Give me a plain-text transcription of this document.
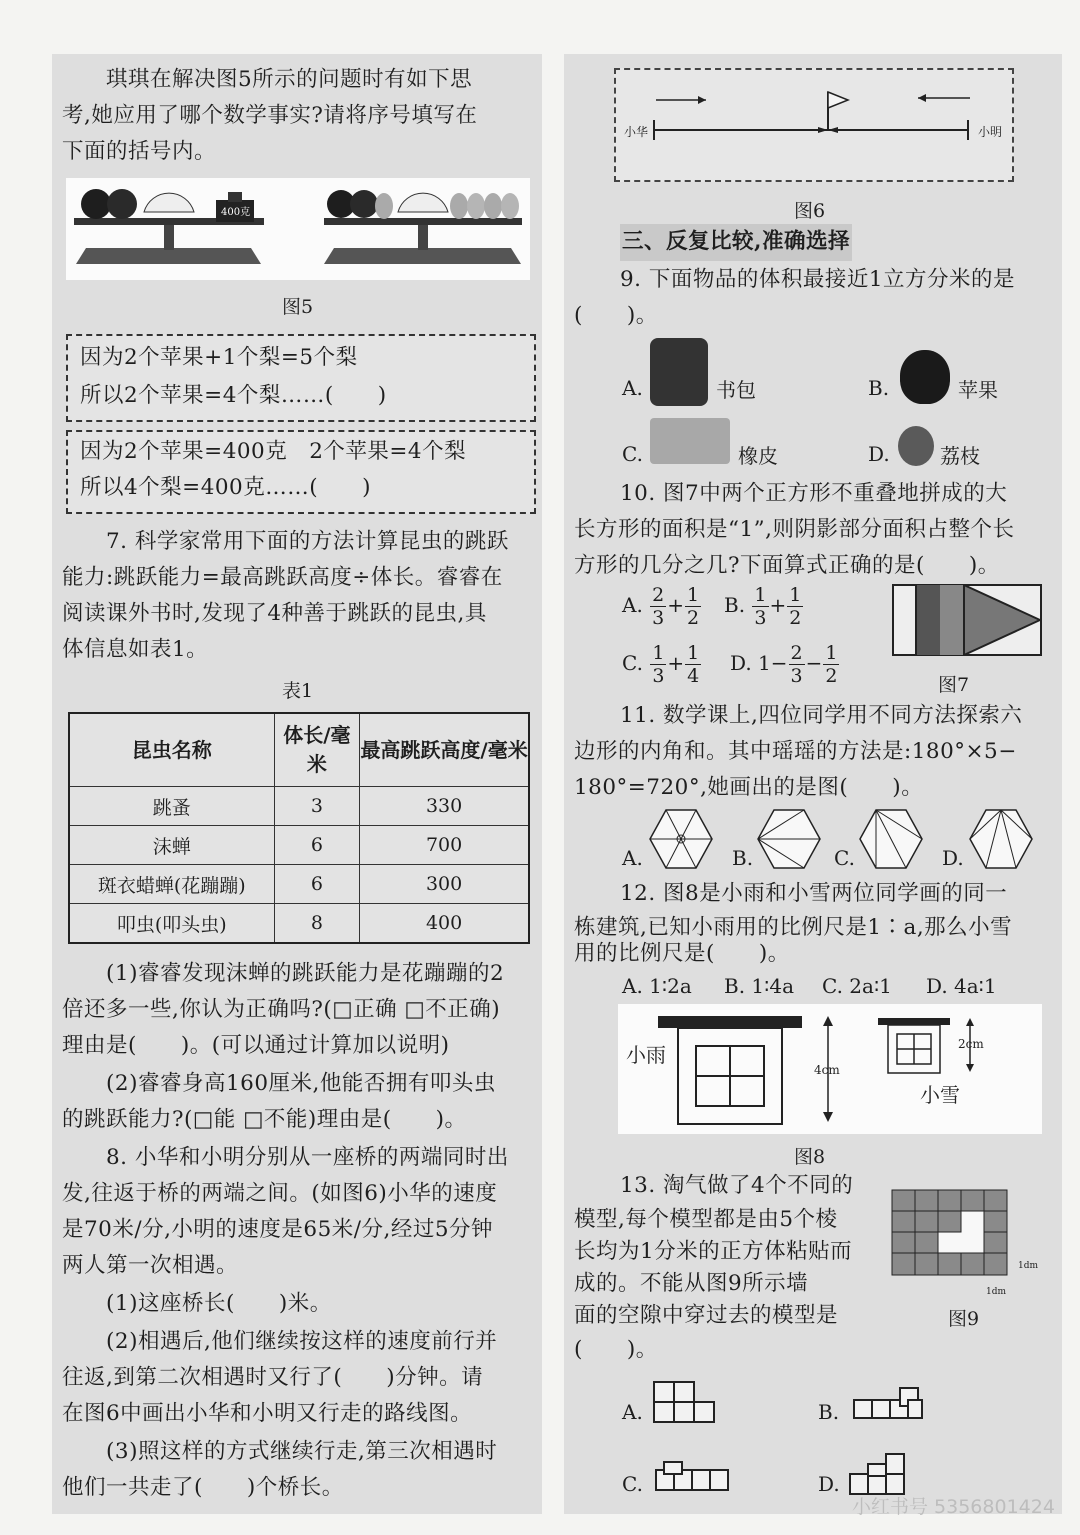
琪琪在解决图5所示的问题时有如下思
考,她应用了哪个数学事实?请将序号填写在
下面的括号内。
400克
图5
因为2个苹果+1个梨=5个梨
所以2个苹果=4个梨……(　　)
因为2个苹果=400克　2个苹果=4个梨
所以4个梨=400克……(　　)
7. 科学家常用下面的方法计算昆虫的跳跃
能力:跳跃能力=最高跳跃高度÷体长。睿睿在
阅读课外书时,发现了4种善于跳跃的昆虫,具
体信息如表1。
表1
昆虫名称	体长/毫米	最高跳跃高度/毫米
跳蚤	3	330
沫蝉	6	700
斑衣蜡蝉(花蹦蹦)	6	300
叩虫(叩头虫)	8	400
(1)睿睿发现沫蝉的跳跃能力是花蹦蹦的2
倍还多一些,你认为正确吗?(□正确 □不正确)
理由是(　　)。(可以通过计算加以说明)
(2)睿睿身高160厘米,他能否拥有叩头虫
的跳跃能力?(□能 □不能)理由是(　　)。
8. 小华和小明分别从一座桥的两端同时出
发,往返于桥的两端之间。(如图6)小华的速度
是70米/分,小明的速度是65米/分,经过5分钟
两人第一次相遇。
(1)这座桥长(　　)米。
(2)相遇后,他们继续按这样的速度前行并
往返,到第二次相遇时又行了(　　)分钟。请
在图6中画出小华和小明又行走的路线图。
(3)照这样的方式继续行走,第三次相遇时
他们一共走了(　　)个桥长。
小华	小明
图6
三、反复比较,准确选择
9. 下面物品的体积最接近1立方分米的是
(　　)。
A.	书包	B.	苹果
C.	橡皮	D.	荔枝
10. 图7中两个正方形不重叠地拼成的大
长方形的面积是“1”,则阴影部分面积占整个长
方形的几分之几?下面算式正确的是(　　)。
A. $\frac{2}{3} + \frac{1}{2} B$. $\frac{1}{3} + \frac{1}{2}$
C. $\frac{1}{3} + \frac{1}{4} D$. $1- \frac{2}{3} - \frac{1}{2}$	图7
11. 数学课上,四位同学用不同方法探索六
边形的内角和。其中瑶瑶的方法是:180°×5−
180°=720°,她画出的是图(　　)。
A.	B.	C.	D.
12. 图8是小雨和小雪两位同学画的同一
栋建筑,已知小雨用的比例尺是1∶a,那么小雪
用的比例尺是(　　)。
A. 1∶2a B. 1∶4a C. 2a∶1 D. 4a∶1
4cm
小雨	2cm
小雪
图8
13. 淘气做了4个不同的
模型,每个模型都是由5个棱
长均为1分米的正方体粘贴而
成的。不能从图9所示墙
面的空隙中穿过去的模型是
(　　)。
1dm
1dm
图9
A.	B.
C.	D.
小红书号 5356801424
